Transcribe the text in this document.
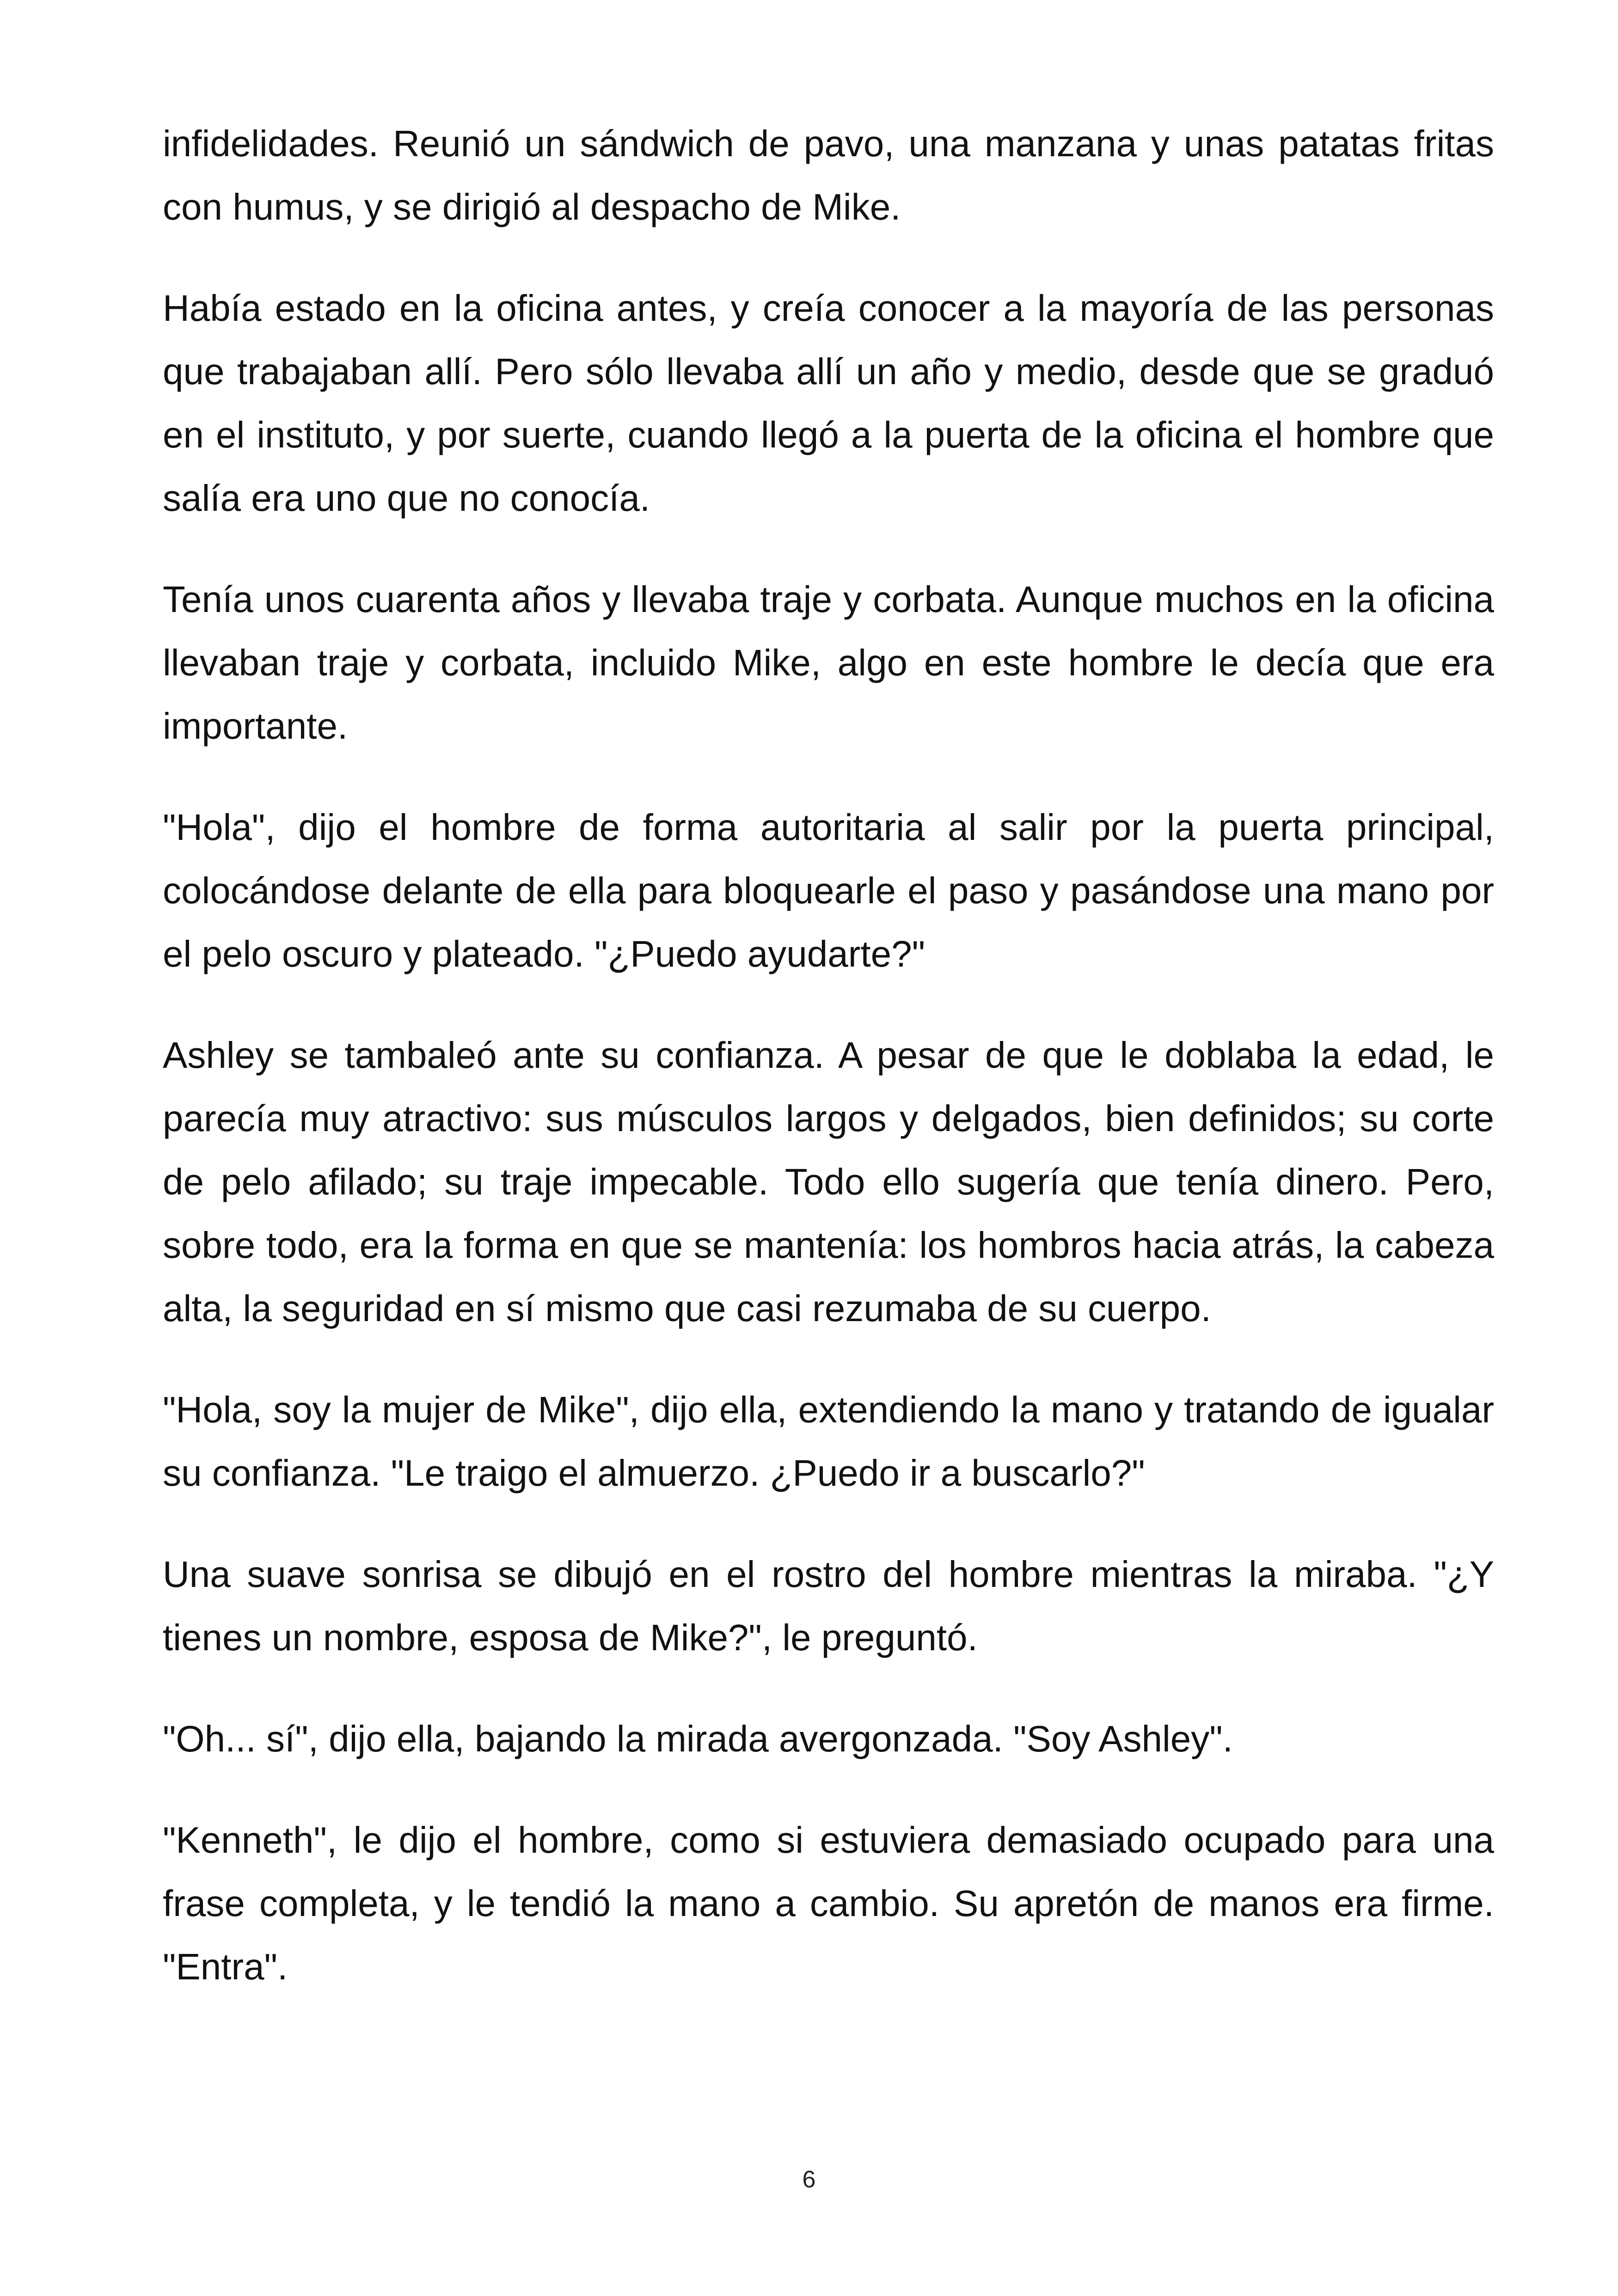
infidelidades. Reunió un sándwich de pavo, una manzana y unas patatas fritas con humus, y se dirigió al despacho de Mike.

Había estado en la oficina antes, y creía conocer a la mayoría de las personas que trabajaban allí. Pero sólo llevaba allí un año y medio, desde que se graduó en el instituto, y por suerte, cuando llegó a la puerta de la oficina el hombre que salía era uno que no conocía.

Tenía unos cuarenta años y llevaba traje y corbata. Aunque muchos en la oficina llevaban traje y corbata, incluido Mike, algo en este hombre le decía que era importante.

"Hola", dijo el hombre de forma autoritaria al salir por la puerta principal, colocándose delante de ella para bloquearle el paso y pasándose una mano por el pelo oscuro y plateado. "¿Puedo ayudarte?"

Ashley se tambaleó ante su confianza. A pesar de que le doblaba la edad, le parecía muy atractivo: sus músculos largos y delgados, bien definidos; su corte de pelo afilado; su traje impecable. Todo ello sugería que tenía dinero. Pero, sobre todo, era la forma en que se mantenía: los hombros hacia atrás, la cabeza alta, la seguridad en sí mismo que casi rezumaba de su cuerpo.

"Hola, soy la mujer de Mike", dijo ella, extendiendo la mano y tratando de igualar su confianza. "Le traigo el almuerzo. ¿Puedo ir a buscarlo?"

Una suave sonrisa se dibujó en el rostro del hombre mientras la miraba. "¿Y tienes un nombre, esposa de Mike?", le preguntó.

"Oh... sí", dijo ella, bajando la mirada avergonzada. "Soy Ashley".

"Kenneth", le dijo el hombre, como si estuviera demasiado ocupado para una frase completa, y le tendió la mano a cambio. Su apretón de manos era firme. "Entra".

6
